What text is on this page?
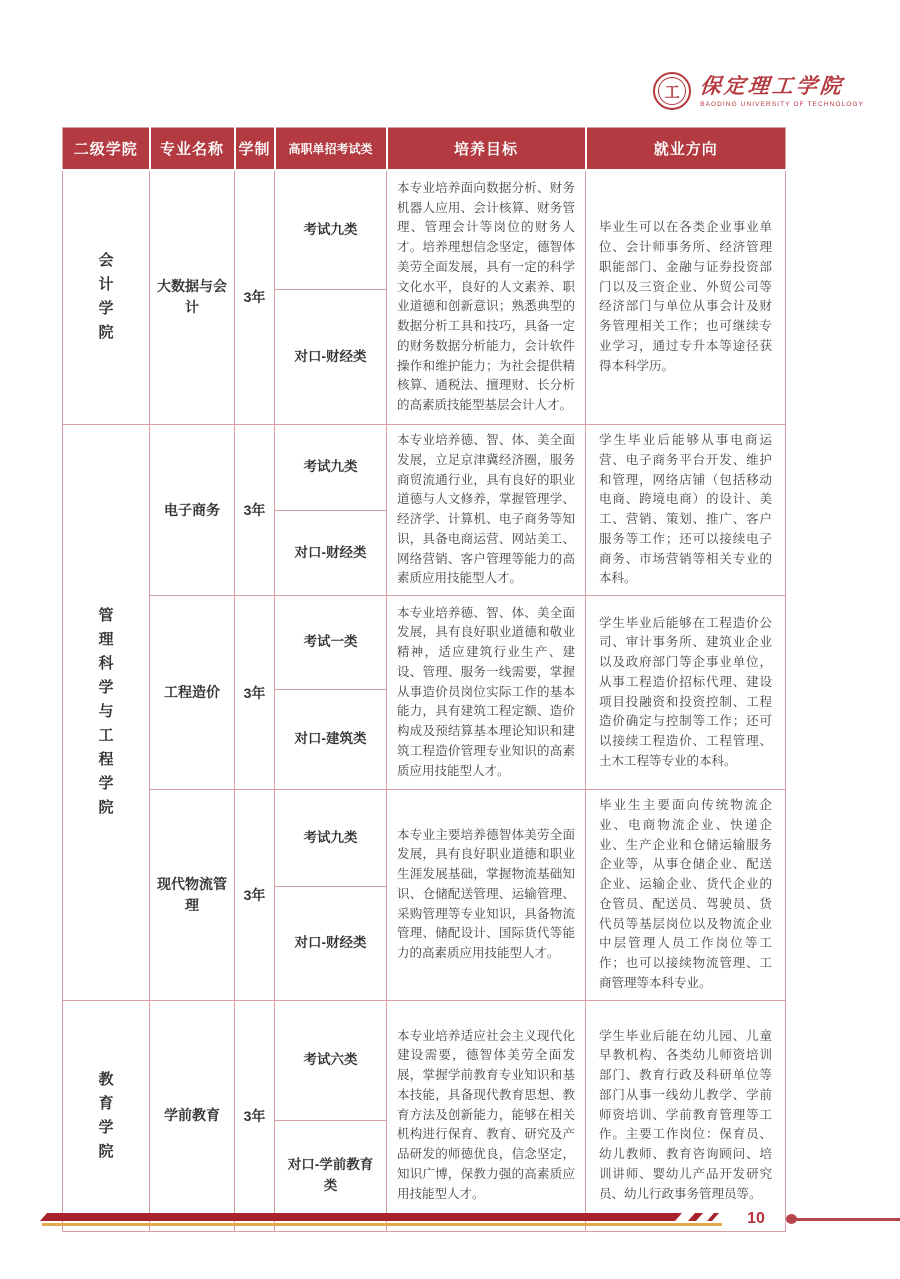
工 保定理工学院
BAODING UNIVERSITY OF TECHNOLOGY
二级学院	专业名称	学制	高职单招考试类	培养目标	就业方向

会计学院	大数据与会计	3年	考试九类	本专业培养面向数据分析、财务机器人应用、会计核算、财务管理、管理会计等岗位的财务人才。培养理想信念坚定，德智体美劳全面发展，具有一定的科学文化水平，良好的人文素养、职业道德和创新意识；熟悉典型的数据分析工具和技巧，具备一定的财务数据分析能力，会计软件操作和维护能力；为社会提供精核算、通税法、擅理财、长分析的高素质技能型基层会计人才。	毕业生可以在各类企业事业单位、会计师事务所、经济管理职能部门、金融与证券投资部门以及三资企业、外贸公司等经济部门与单位从事会计及财务管理相关工作；也可继续专业学习，通过专升本等途径获得本科学历。

			对口-财经类		

管理科学与工程学院	电子商务	3年	考试九类	本专业培养德、智、体、美全面发展，立足京津冀经济圈，服务商贸流通行业，具有良好的职业道德与人文修养，掌握管理学、经济学、计算机、电子商务等知识，具备电商运营、网站美工、网络营销、客户管理等能力的高素质应用技能型人才。	学生毕业后能够从事电商运营、电子商务平台开发、维护和管理，网络店铺（包括移动电商、跨境电商）的设计、美工、营销、策划、推广、客户服务等工作；还可以接续电子商务、市场营销等相关专业的本科。

			对口-财经类		
	工程造价	3年	考试一类	本专业培养德、智、体、美全面发展，具有良好职业道德和敬业精神，适应建筑行业生产、建设、管理、服务一线需要，掌握从事造价员岗位实际工作的基本能力，具有建筑工程定额、造价构成及预结算基本理论知识和建筑工程造价管理专业知识的高素质应用技能型人才。	学生毕业后能够在工程造价公司、审计事务所、建筑业企业以及政府部门等企事业单位，从事工程造价招标代理、建设项目投融资和投资控制、工程造价确定与控制等工作；还可以接续工程造价、工程管理、土木工程等专业的本科。

			对口-建筑类		
	现代物流管理	3年	考试九类	本专业主要培养德智体美劳全面发展，具有良好职业道德和职业生涯发展基础，掌握物流基础知识、仓储配送管理、运输管理、采购管理等专业知识，具备物流管理、储配设计、国际货代等能力的高素质应用技能型人才。	毕业生主要面向传统物流企业、电商物流企业、快递企业、生产企业和仓储运输服务企业等，从事仓储企业、配送企业、运输企业、货代企业的仓管员、配送员、驾驶员、货代员等基层岗位以及物流企业中层管理人员工作岗位等工作；也可以接续物流管理、工商管理等本科专业。

			对口-财经类		

教育学院	学前教育	3年	考试六类	本专业培养适应社会主义现代化建设需要，德智体美劳全面发展，掌握学前教育专业知识和基本技能，具备现代教育思想、教育方法及创新能力，能够在相关机构进行保育、教育、研究及产品研发的师德优良，信念坚定，知识广博，保教力强的高素质应用技能型人才。	学生毕业后能在幼儿园、儿童早教机构、各类幼儿师资培训部门、教育行政及科研单位等部门从事一线幼儿教学、学前师资培训、学前教育管理等工作。主要工作岗位：保育员、幼儿教师、教育咨询顾问、培训讲师、婴幼儿产品开发研究员、幼儿行政事务管理员等。

			对口-学前教育类		
10
